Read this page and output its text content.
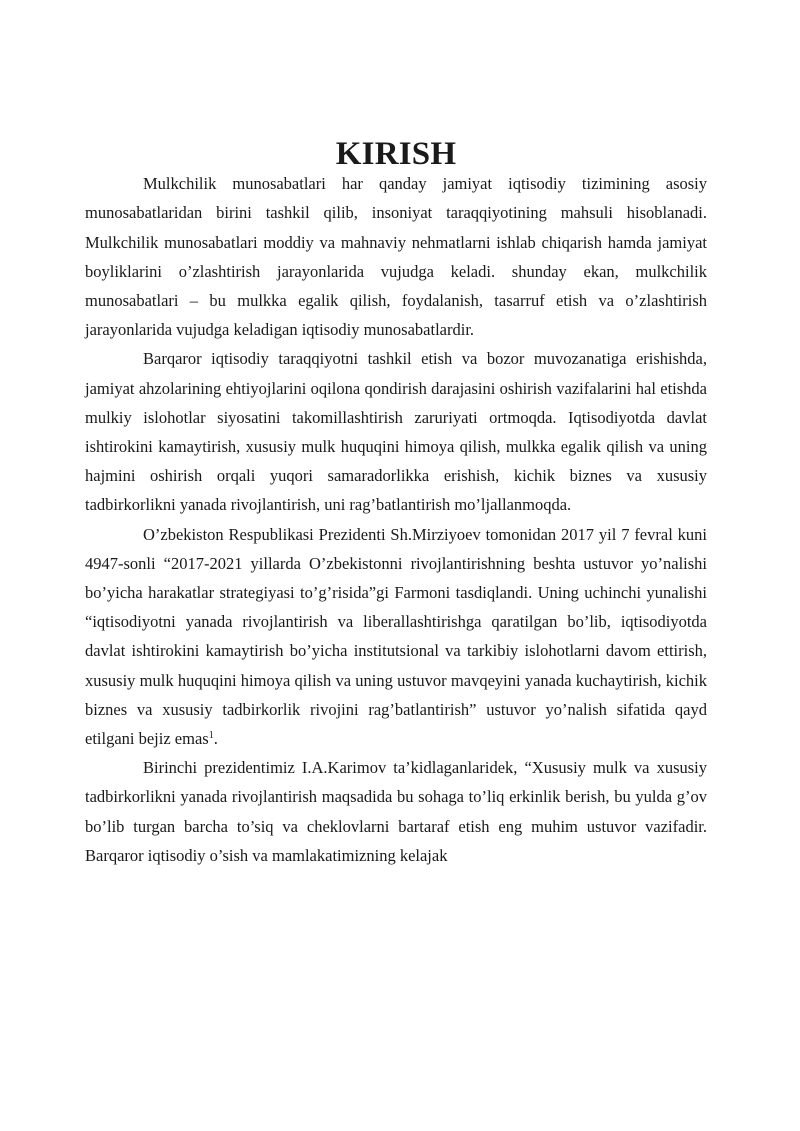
KIRISH

Mulkchilik munosabatlari har qanday jamiyat iqtisodiy tizimining asosiy munosabatlaridan birini tashkil qilib, insoniyat taraqqiyotining mahsuli hisoblanadi. Mulkchilik munosabatlari moddiy va mahnaviy nehmatlarni ishlab chiqarish hamda jamiyat boyliklarini o’zlashtirish jarayonlarida vujudga keladi. shunday ekan, mulkchilik munosabatlari – bu mulkka egalik qilish, foydalanish, tasarruf etish va o’zlashtirish jarayonlarida vujudga keladigan iqtisodiy munosabatlardir.

Barqaror iqtisodiy taraqqiyotni tashkil etish va bozor muvozanatiga erishishda, jamiyat ahzolarining ehtiyojlarini oqilona qondirish darajasini oshirish vazifalarini hal etishda mulkiy islohotlar siyosatini takomillashtirish zaruriyati ortmoqda. Iqtisodiyotda davlat ishtirokini kamaytirish, xususiy mulk huquqini himoya qilish, mulkka egalik qilish va uning hajmini oshirish orqali yuqori samaradorlikka erishish, kichik biznes va xususiy tadbirkorlikni yanada rivojlantirish, uni rag’batlantirish mo’ljallanmoqda.

O’zbekiston Respublikasi Prezidenti Sh.Mirziyoev tomonidan 2017 yil 7 fevral kuni 4947-sonli “2017-2021 yillarda O’zbekistonni rivojlantirishning beshta ustuvor yo’nalishi bo’yicha harakatlar strategiyasi to’g’risida”gi Farmoni tasdiqlandi. Uning uchinchi yunalishi “iqtisodiyotni yanada rivojlantirish va liberallashtirishga qaratilgan bo’lib, iqtisodiyotda davlat ishtirokini kamaytirish bo’yicha institutsional va tarkibiy islohotlarni davom ettirish, xususiy mulk huquqini himoya qilish va uning ustuvor mavqeyini yanada kuchaytirish, kichik biznes va xususiy tadbirkorlik rivojini rag’batlantirish” ustuvor yo’nalish sifatida qayd etilgani bejiz emas$^1$.

Birinchi prezidentimiz I.A.Karimov ta’kidlaganlaridek, “Xususiy mulk va xususiy tadbirkorlikni yanada rivojlantirish maqsadida bu sohaga to’liq erkinlik berish, bu yulda g’ov bo’lib turgan barcha to’siq va cheklovlarni bartaraf etish eng muhim ustuvor vazifadir. Barqaror iqtisodiy o’sish va mamlakatimizning kelajak
